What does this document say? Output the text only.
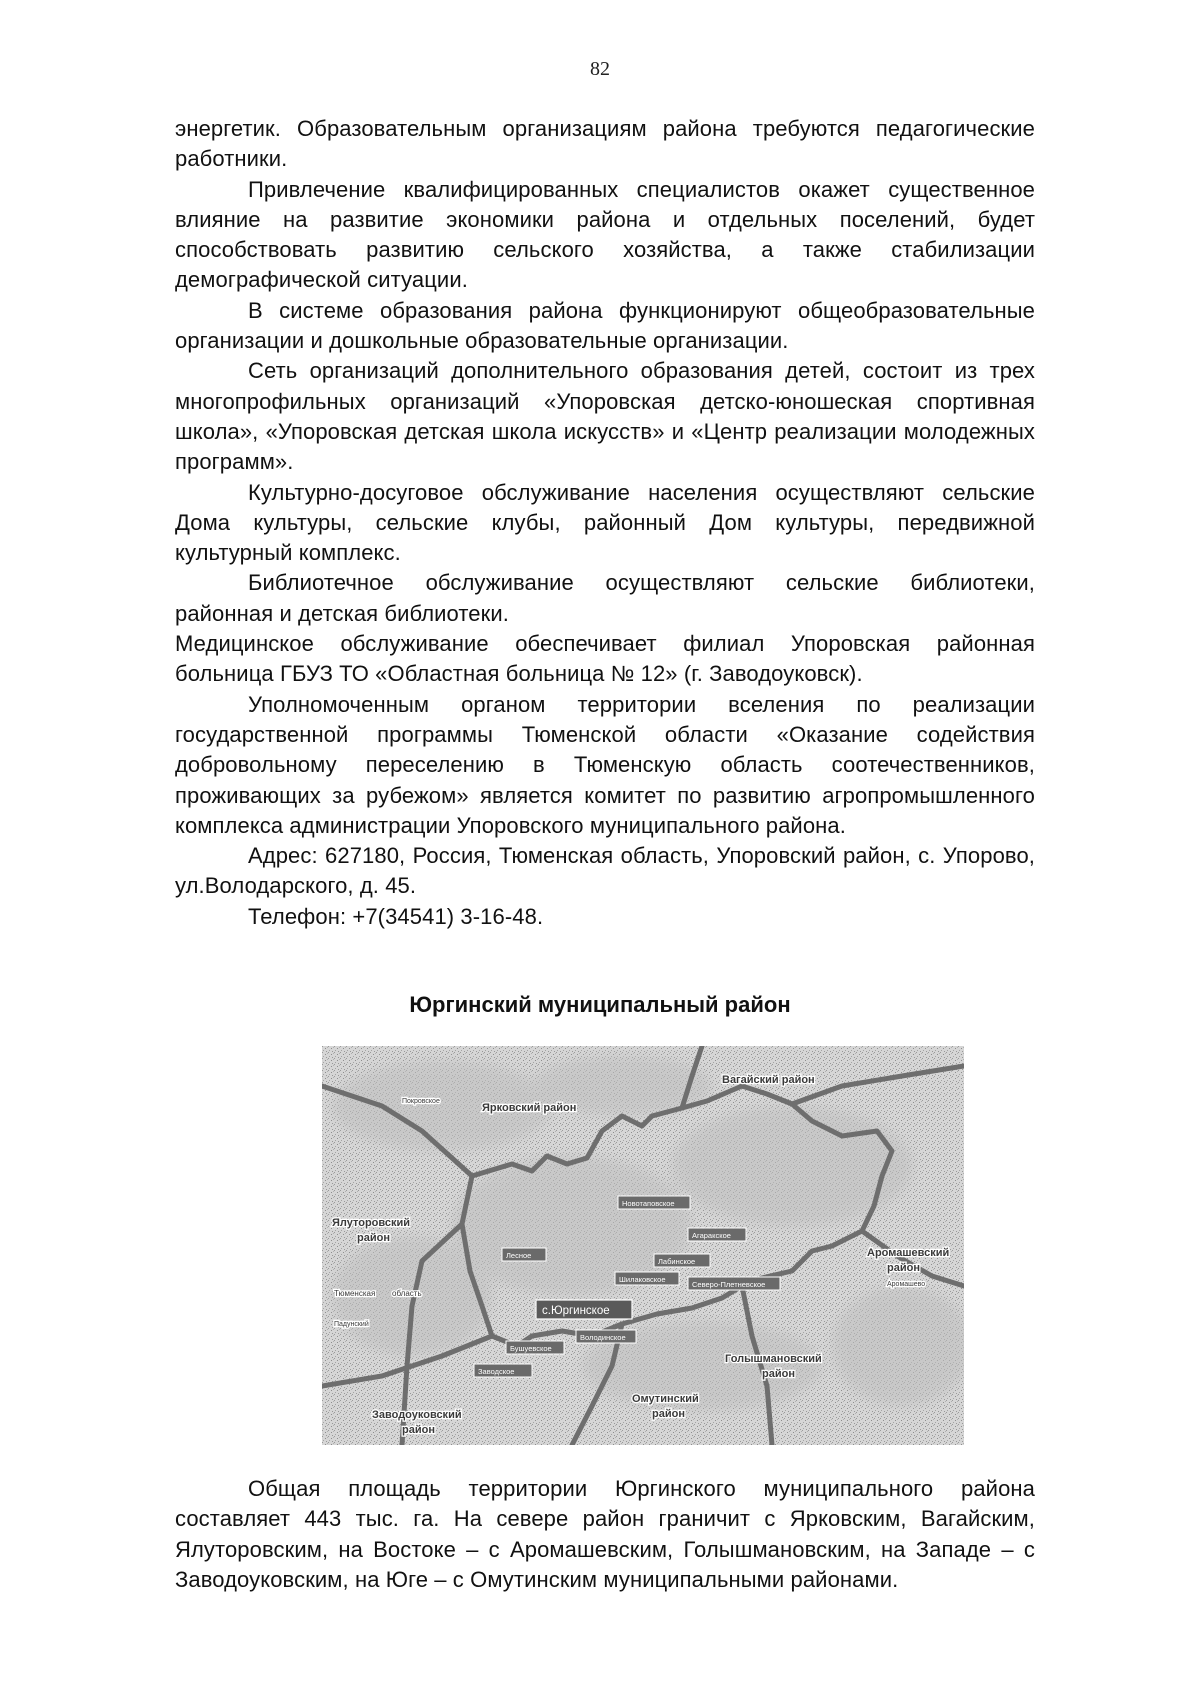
82

энергетик. Образовательным организациям района требуются педагогические работники.

Привлечение квалифицированных специалистов окажет существенное влияние на развитие экономики района и отдельных поселений, будет способствовать развитию сельского хозяйства, а также стабилизации демографической ситуации.

В системе образования района функционируют общеобразовательные организации и дошкольные образовательные организации.

Сеть организаций дополнительного образования детей, состоит из трех многопрофильных организаций «Упоровская детско-юношеская спортивная школа», «Упоровская детская школа искусств» и «Центр реализации молодежных программ».

Культурно-досуговое обслуживание населения осуществляют сельские Дома культуры, сельские клубы, районный Дом культуры, передвижной культурный комплекс.

Библиотечное обслуживание осуществляют сельские библиотеки, районная и детская библиотеки.

Медицинское обслуживание обеспечивает филиал Упоровская районная больница ГБУЗ ТО «Областная больница № 12» (г. Заводоуковск).

Уполномоченным органом территории вселения по реализации государственной программы Тюменской области «Оказание содействия добровольному переселению в Тюменскую область соотечественников, проживающих за рубежом» является комитет по развитию агропромышленного комплекса администрации Упоровского муниципального района.

Адрес: 627180, Россия, Тюменская область, Упоровский район, с. Упорово, ул.Володарского, д. 45.

Телефон: +7(34541) 3-16-48.

Юргинский муниципальный район
Вагайский район
Ярковский район
Покровское
Ялуторовский
район
Тюменская область
Падунский
Аромашевский
район
Аромашево
Голышмановский
район
Омутинский
район
Заводоуковский
район
Новотаповское
Агаракское
Лесное
Лабинское
Шилаковское
Северо-Плетневское
с.Юргинское
Володинское
Бушуевское
Заводское

Общая площадь территории Юргинского муниципального района составляет 443 тыс. га. На севере район граничит с Ярковским, Вагайским, Ялуторовским, на Востоке – с Аромашевским, Голышмановским, на Западе – с Заводоуковским, на Юге – с Омутинским муниципальными районами.
